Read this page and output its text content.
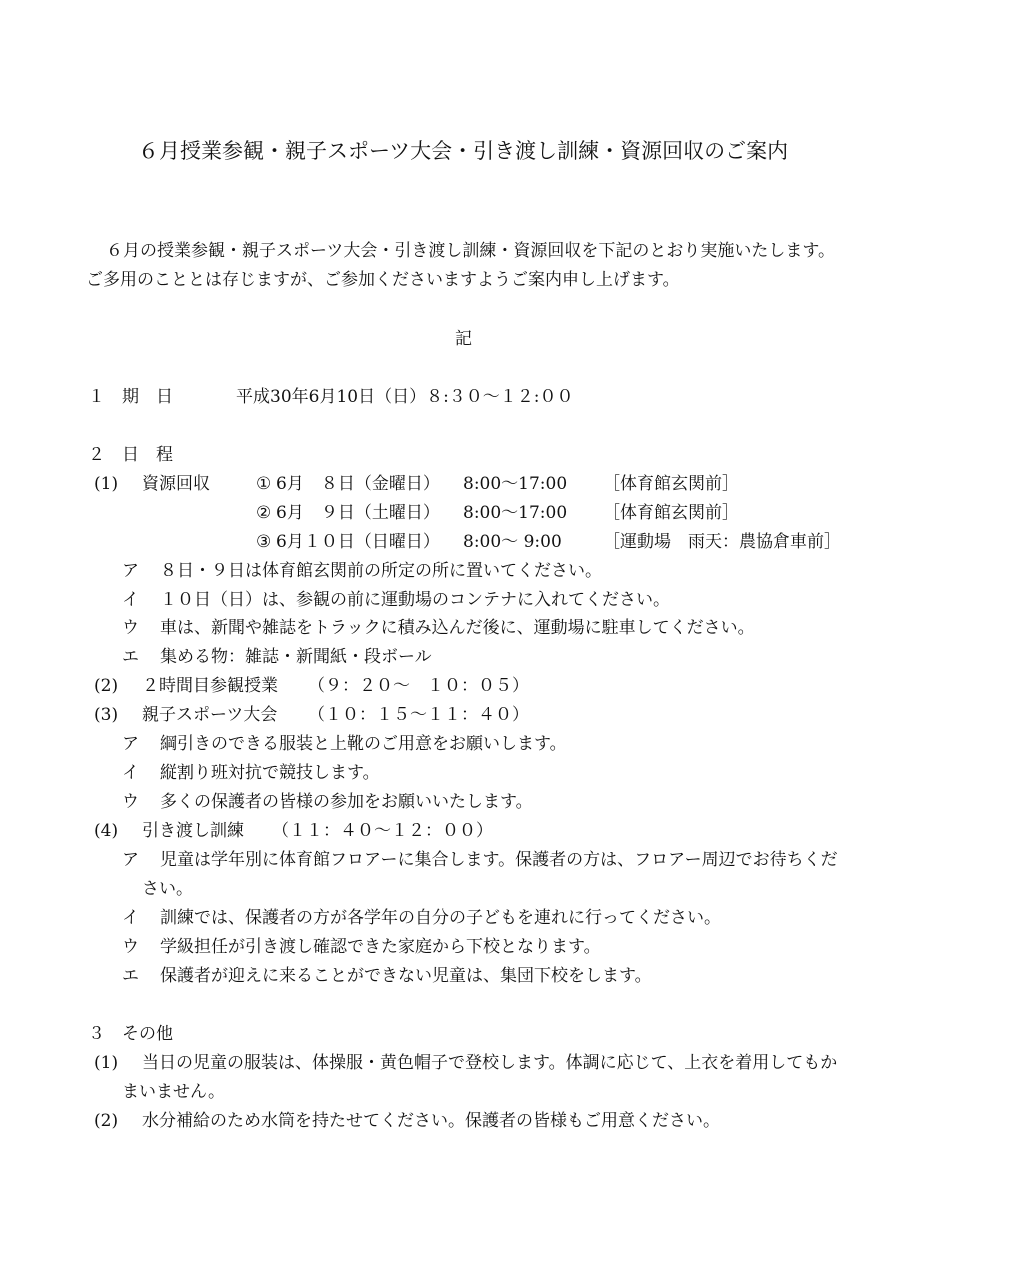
６月授業参観・親子スポーツ大会・引き渡し訓練・資源回収のご案内
６月の授業参観・親子スポーツ大会・引き渡し訓練・資源回収を下記のとおり実施いたします。
ご多用のこととは存じますが、ご参加くださいますようご案内申し上げます。
記
１ 期　日	平成30年6月10日（日）８:３０～１２:００
２ 日　程
(1) 資源回収	① 6月　８日（金曜日） 8:00～17:00 ［体育館玄関前］
② 6月　９日（土曜日） 8:00～17:00 ［体育館玄関前］
③ 6月１０日（日曜日） 8:00～ 9:00 ［運動場　雨天：農協倉車前］
ア ８日・９日は体育館玄関前の所定の所に置いてください。
イ １０日（日）は、参観の前に運動場のコンテナに入れてください。
ウ 車は、新聞や雑誌をトラックに積み込んだ後に、運動場に駐車してください。
エ 集める物：雑誌・新聞紙・段ボール
(2) ２時間目参観授業 （９：２０～　１０：０５）
(3) 親子スポーツ大会 （１０：１５～１１：４０）
ア 綱引きのできる服装と上靴のご用意をお願いします。
イ 縦割り班対抗で競技します。
ウ 多くの保護者の皆様の参加をお願いいたします。
(4) 引き渡し訓練 （１１：４０～１２：００）
ア 児童は学年別に体育館フロアーに集合します。保護者の方は、フロアー周辺でお待ちくだ
さい。
イ 訓練では、保護者の方が各学年の自分の子どもを連れに行ってください。
ウ 学級担任が引き渡し確認できた家庭から下校となります。
エ 保護者が迎えに来ることができない児童は、集団下校をします。
３ その他
(1) 当日の児童の服装は、体操服・黄色帽子で登校します。体調に応じて、上衣を着用してもか
まいません。
(2) 水分補給のため水筒を持たせてください。保護者の皆様もご用意ください。
